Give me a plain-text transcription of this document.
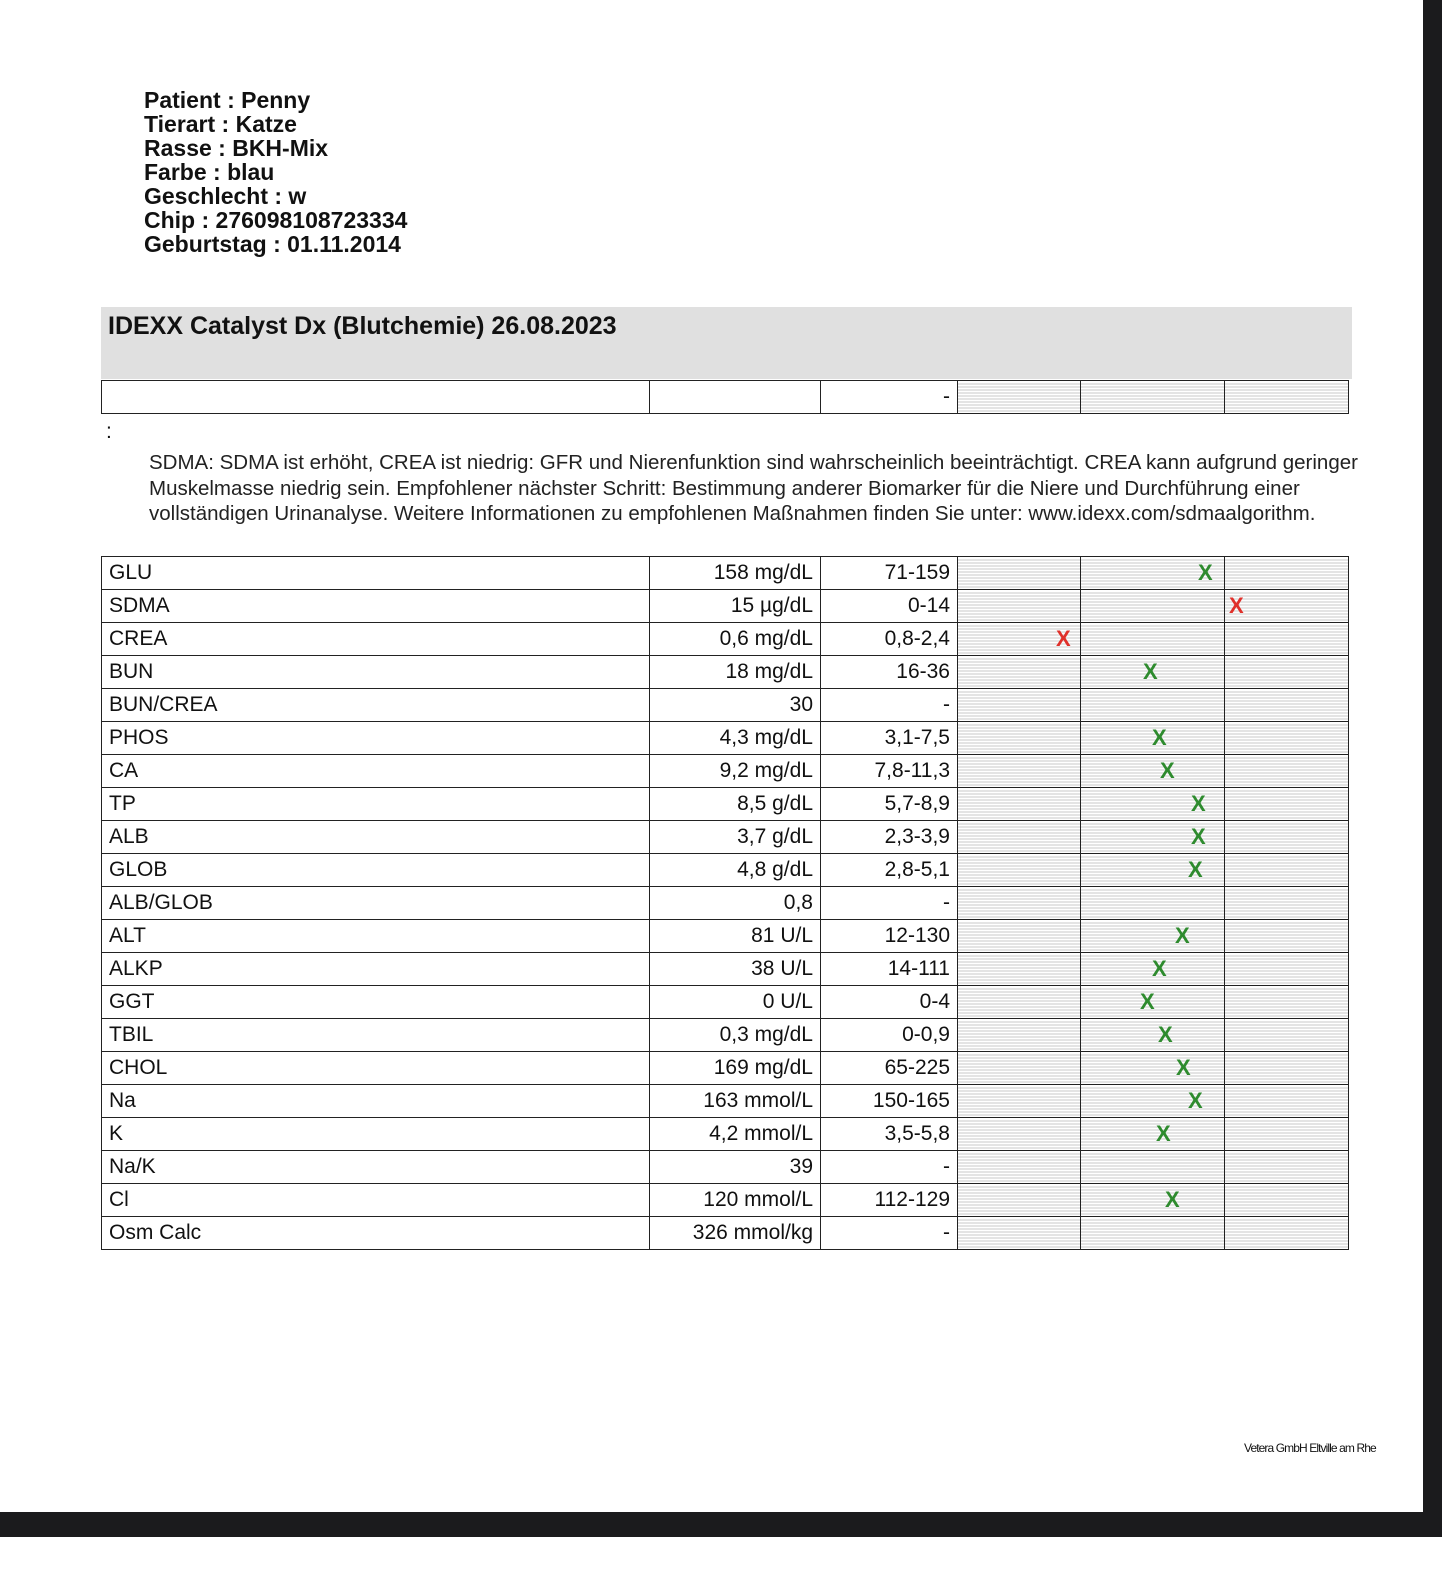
Patient : Penny
Tierart : Katze
Rasse : BKH-Mix
Farbe : blau
Geschlecht : w
Chip : 276098108723334
Geburtstag : 01.11.2014
IDEXX Catalyst Dx (Blutchemie) 26.08.2023
		-			
:
SDMA: SDMA ist erhöht, CREA ist niedrig: GFR und Nierenfunktion sind wahrscheinlich beeinträchtigt. CREA kann aufgrund geringer Muskelmasse niedrig sein. Empfohlener nächster Schritt: Bestimmung anderer Biomarker für die Niere und Durchführung einer vollständigen Urinanalyse. Weitere Informationen zu empfohlenen Maßnahmen finden Sie unter: www.idexx.com/sdmaalgorithm.
GLU	158 mg/dL	71-159		X	

SDMA	15 µg/dL	0-14			X

CREA	0,6 mg/dL	0,8-2,4	X		

BUN	18 mg/dL	16-36		X	

BUN/CREA	30	-			
PHOS	4,3 mg/dL	3,1-7,5		X	

CA	9,2 mg/dL	7,8-11,3		X	

TP	8,5 g/dL	5,7-8,9		X	

ALB	3,7 g/dL	2,3-3,9		X	

GLOB	4,8 g/dL	2,8-5,1		X	

ALB/GLOB	0,8	-			
ALT	81 U/L	12-130		X	

ALKP	38 U/L	14-111		X	

GGT	0 U/L	0-4		X	

TBIL	0,3 mg/dL	0-0,9		X	

CHOL	169 mg/dL	65-225		X	

Na	163 mmol/L	150-165		X	

K	4,2 mmol/L	3,5-5,8		X	

Na/K	39	-			
Cl	120 mmol/L	112-129		X	

Osm Calc	326 mmol/kg	-			
Vetera GmbH Eltville am Rhe
